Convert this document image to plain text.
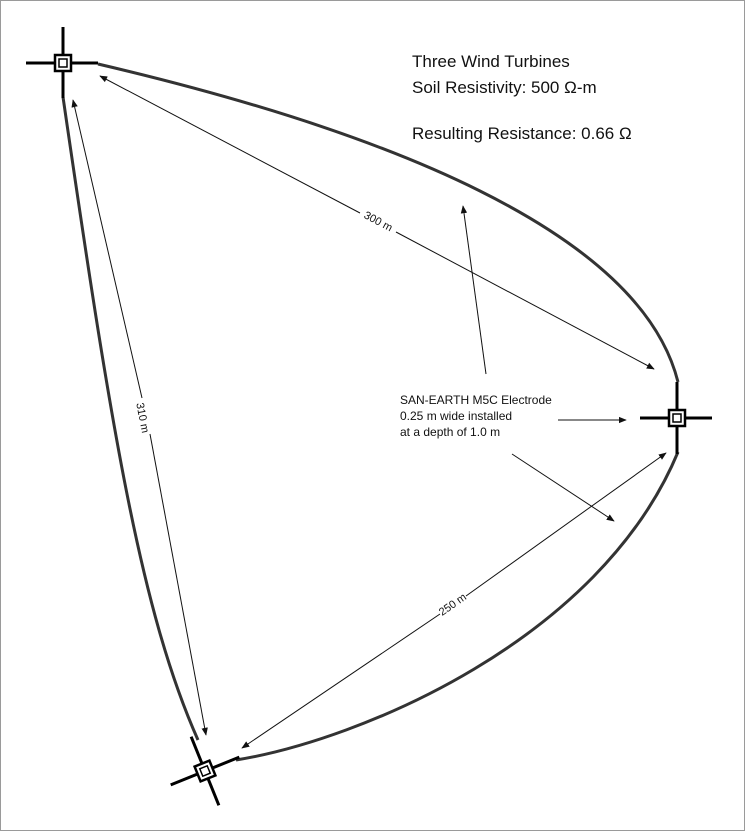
300 m
310 m
250 m
Three Wind Turbines
Soil Resistivity: 500 Ω-m
Resulting Resistance: 0.66 Ω
SAN-EARTH M5C Electrode
0.25 m wide installed
at a depth of 1.0 m
